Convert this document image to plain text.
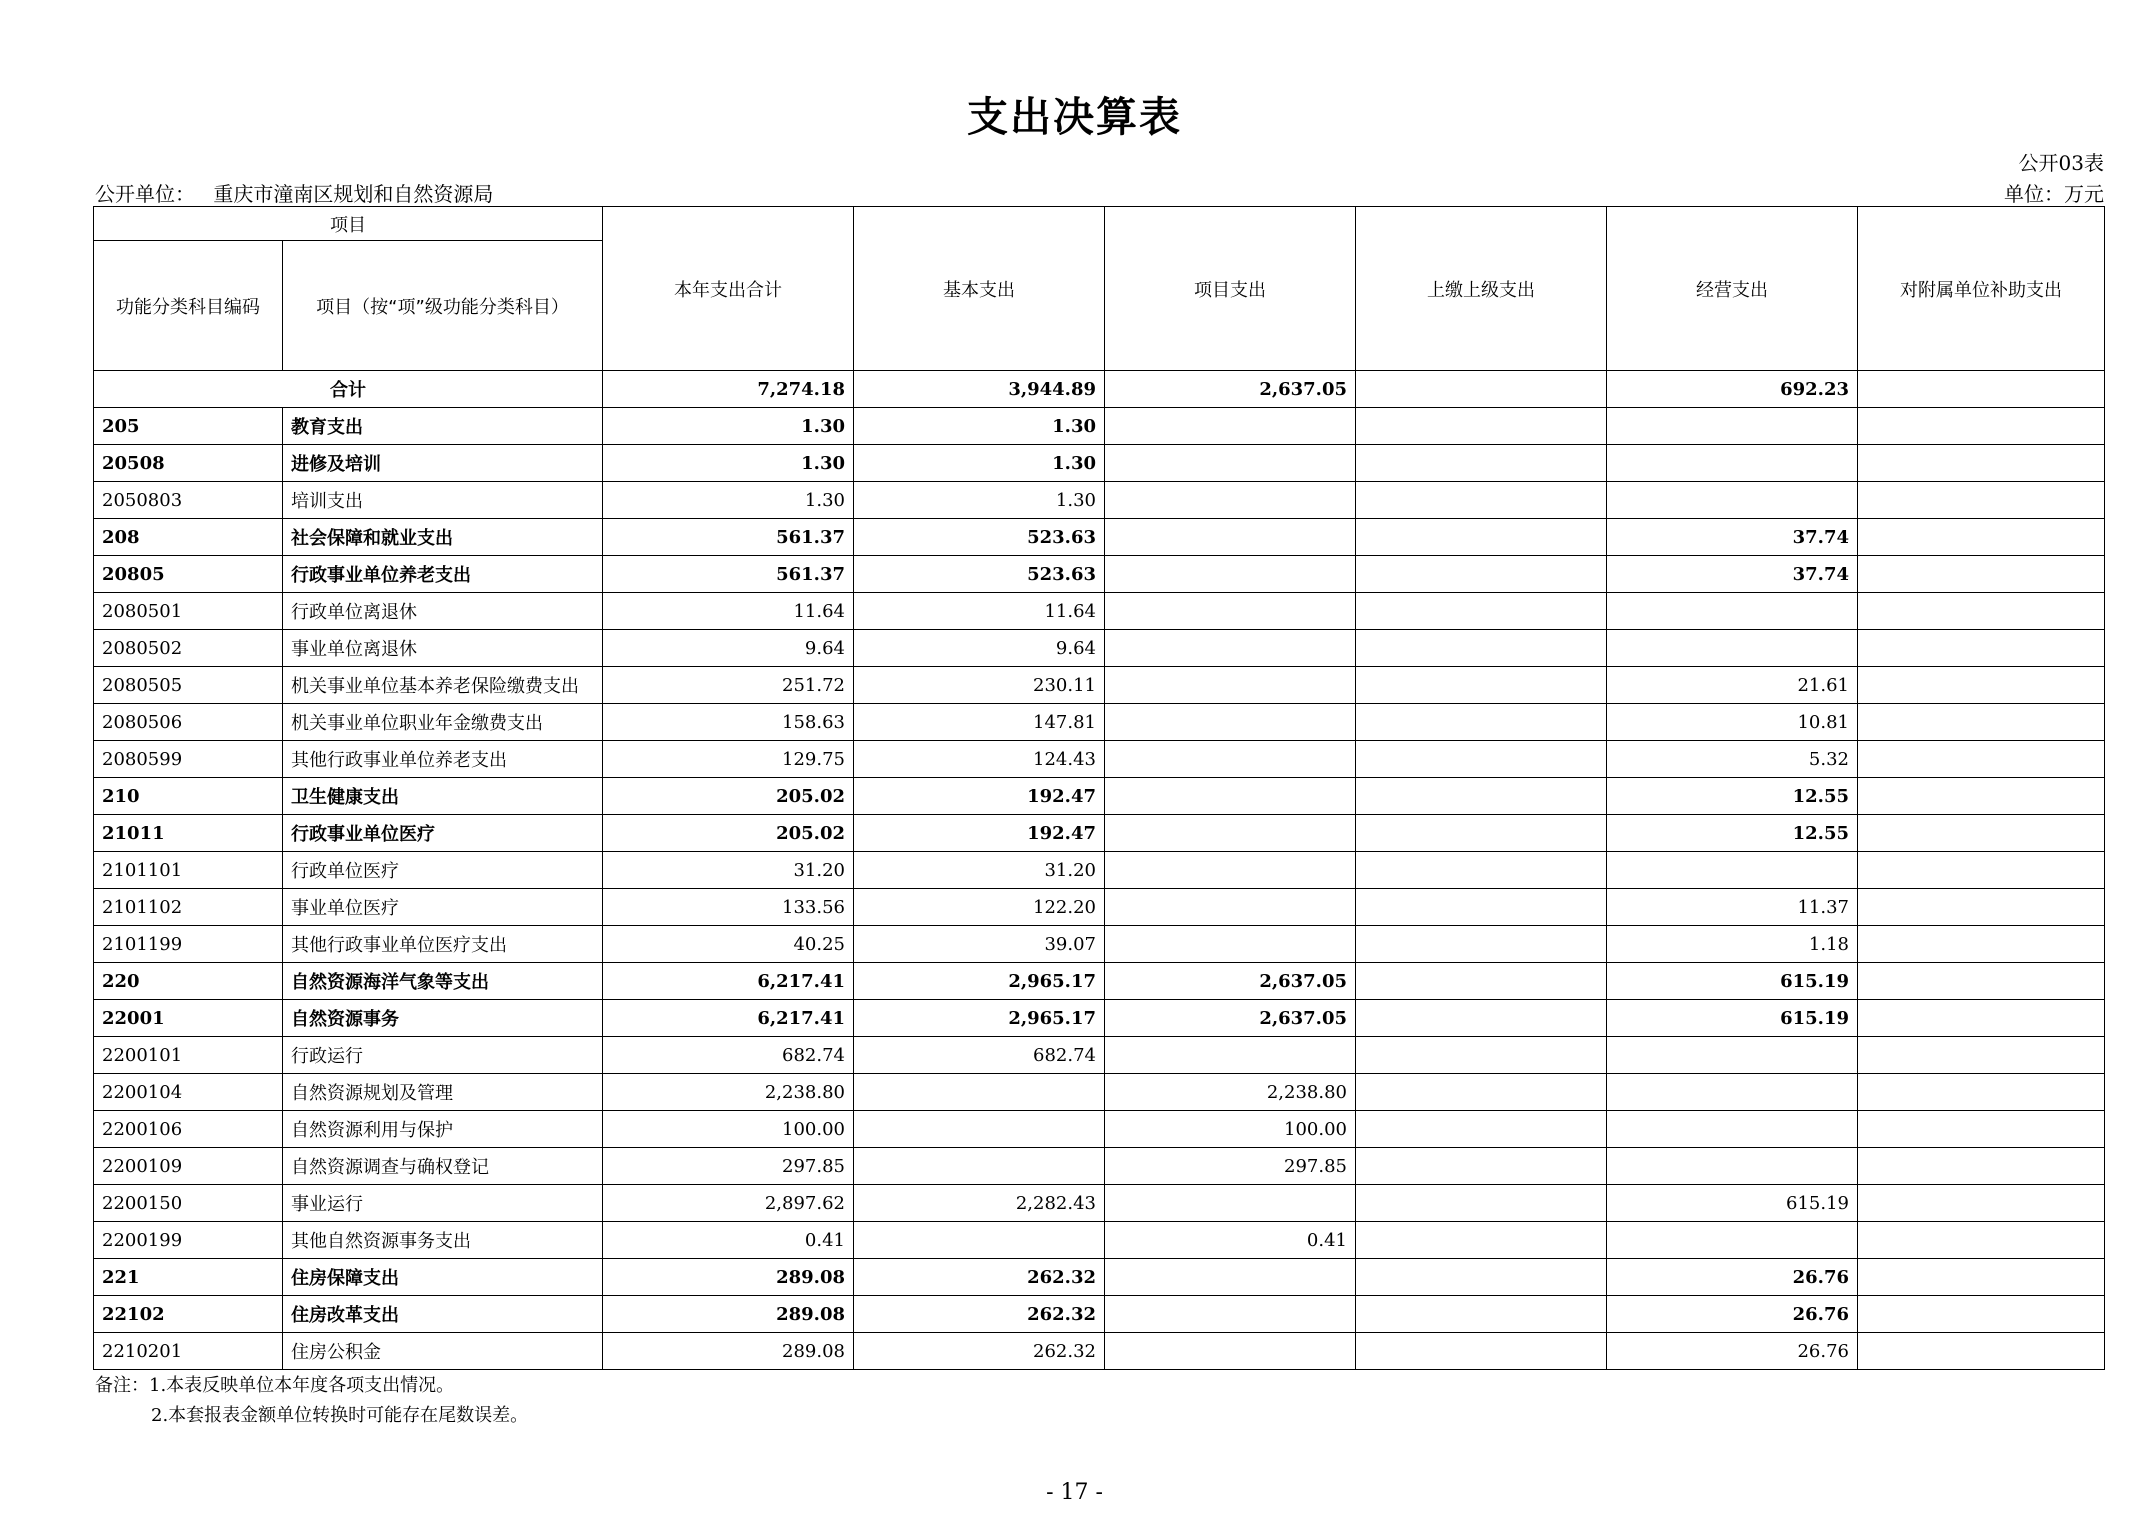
支出决算表
公开03表
公开单位： 重庆市潼南区规划和自然资源局	单位：万元
项目		本年支出合计	基本支出	项目支出	上缴上级支出	经营支出	对附属单位补助支出
功能分类科目编码	项目（按“项”级功能分类科目）						
合计		7,274.18	3,944.89	2,637.05		692.23	
205	教育支出	1.30	1.30				
20508	进修及培训	1.30	1.30				
2050803	培训支出	1.30	1.30				
208	社会保障和就业支出	561.37	523.63			37.74	
20805	行政事业单位养老支出	561.37	523.63			37.74	
2080501	行政单位离退休	11.64	11.64				
2080502	事业单位离退休	9.64	9.64				
2080505	机关事业单位基本养老保险缴费支出	251.72	230.11			21.61	
2080506	机关事业单位职业年金缴费支出	158.63	147.81			10.81	
2080599	其他行政事业单位养老支出	129.75	124.43			5.32	
210	卫生健康支出	205.02	192.47			12.55	
21011	行政事业单位医疗	205.02	192.47			12.55	
2101101	行政单位医疗	31.20	31.20				
2101102	事业单位医疗	133.56	122.20			11.37	
2101199	其他行政事业单位医疗支出	40.25	39.07			1.18	
220	自然资源海洋气象等支出	6,217.41	2,965.17	2,637.05		615.19	
22001	自然资源事务	6,217.41	2,965.17	2,637.05		615.19	
2200101	行政运行	682.74	682.74				
2200104	自然资源规划及管理	2,238.80		2,238.80			
2200106	自然资源利用与保护	100.00		100.00			
2200109	自然资源调查与确权登记	297.85		297.85			
2200150	事业运行	2,897.62	2,282.43			615.19	
2200199	其他自然资源事务支出	0.41		0.41			
221	住房保障支出	289.08	262.32			26.76	
22102	住房改革支出	289.08	262.32			26.76	
2210201	住房公积金	289.08	262.32			26.76	
备注：1.本表反映单位本年度各项支出情况。
2.本套报表金额单位转换时可能存在尾数误差。
- 17 -
